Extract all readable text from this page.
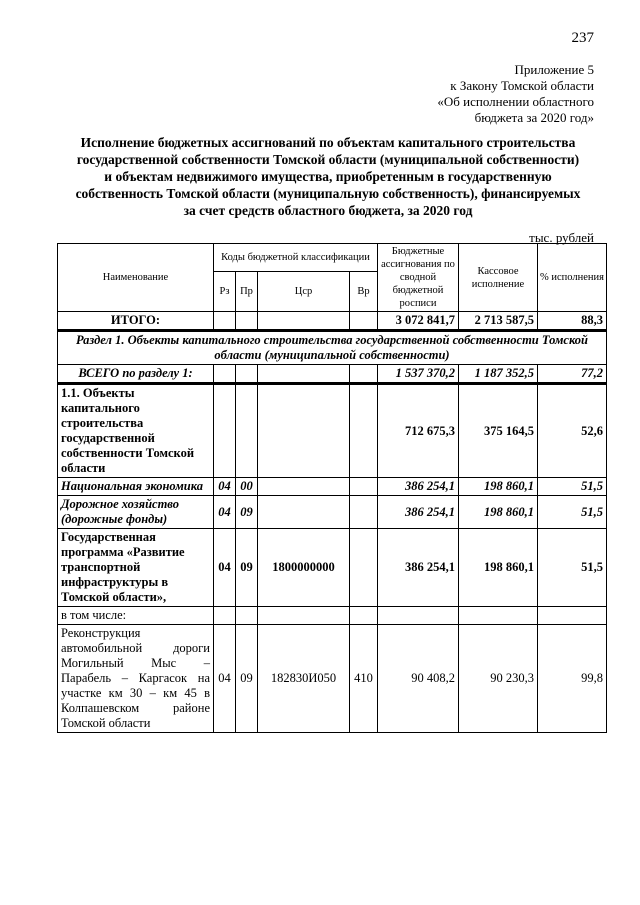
237
Приложение 5
к Закону Томской области
«Об исполнении областного
бюджета за 2020 год»
Исполнение бюджетных ассигнований по объектам капитального строительства
государственной собственности Томской области (муниципальной собственности)
и объектам недвижимого имущества, приобретенным в государственную
собственность Томской области (муниципальную собственность), финансируемых
за счет средств областного бюджета, за 2020 год
тыс. рублей
Наименование	Коды бюджетной классификации				Бюджетные ассигнования по сводной бюджетной росписи	Кассовое исполнение	% исполнения
	Рз	Пр	Цср	Вр			
ИТОГО:					3 072 841,7	2 713 587,5	88,3
Раздел 1. Объекты капитального строительства государственной собственности Томской области (муниципальной собственности)							
ВСЕГО по разделу 1:					1 537 370,2	1 187 352,5	77,2
1.1. Объекты капитального строительства государственной собственности Томской области					712 675,3	375 164,5	52,6
Национальная экономика	04	00			386 254,1	198 860,1	51,5
Дорожное хозяйство (дорожные фонды)	04	09			386 254,1	198 860,1	51,5
Государственная программа «Развитие транспортной инфраструктуры в Томской области»,	04	09	1800000000		386 254,1	198 860,1	51,5
в том числе:							
Реконструкция автомобильной дороги Могильный Мыс – Парабель – Каргасок на участке км 30 – км 45 в Колпашевском районе Томской области	04	09	182830И050	410	90 408,2	90 230,3	99,8
